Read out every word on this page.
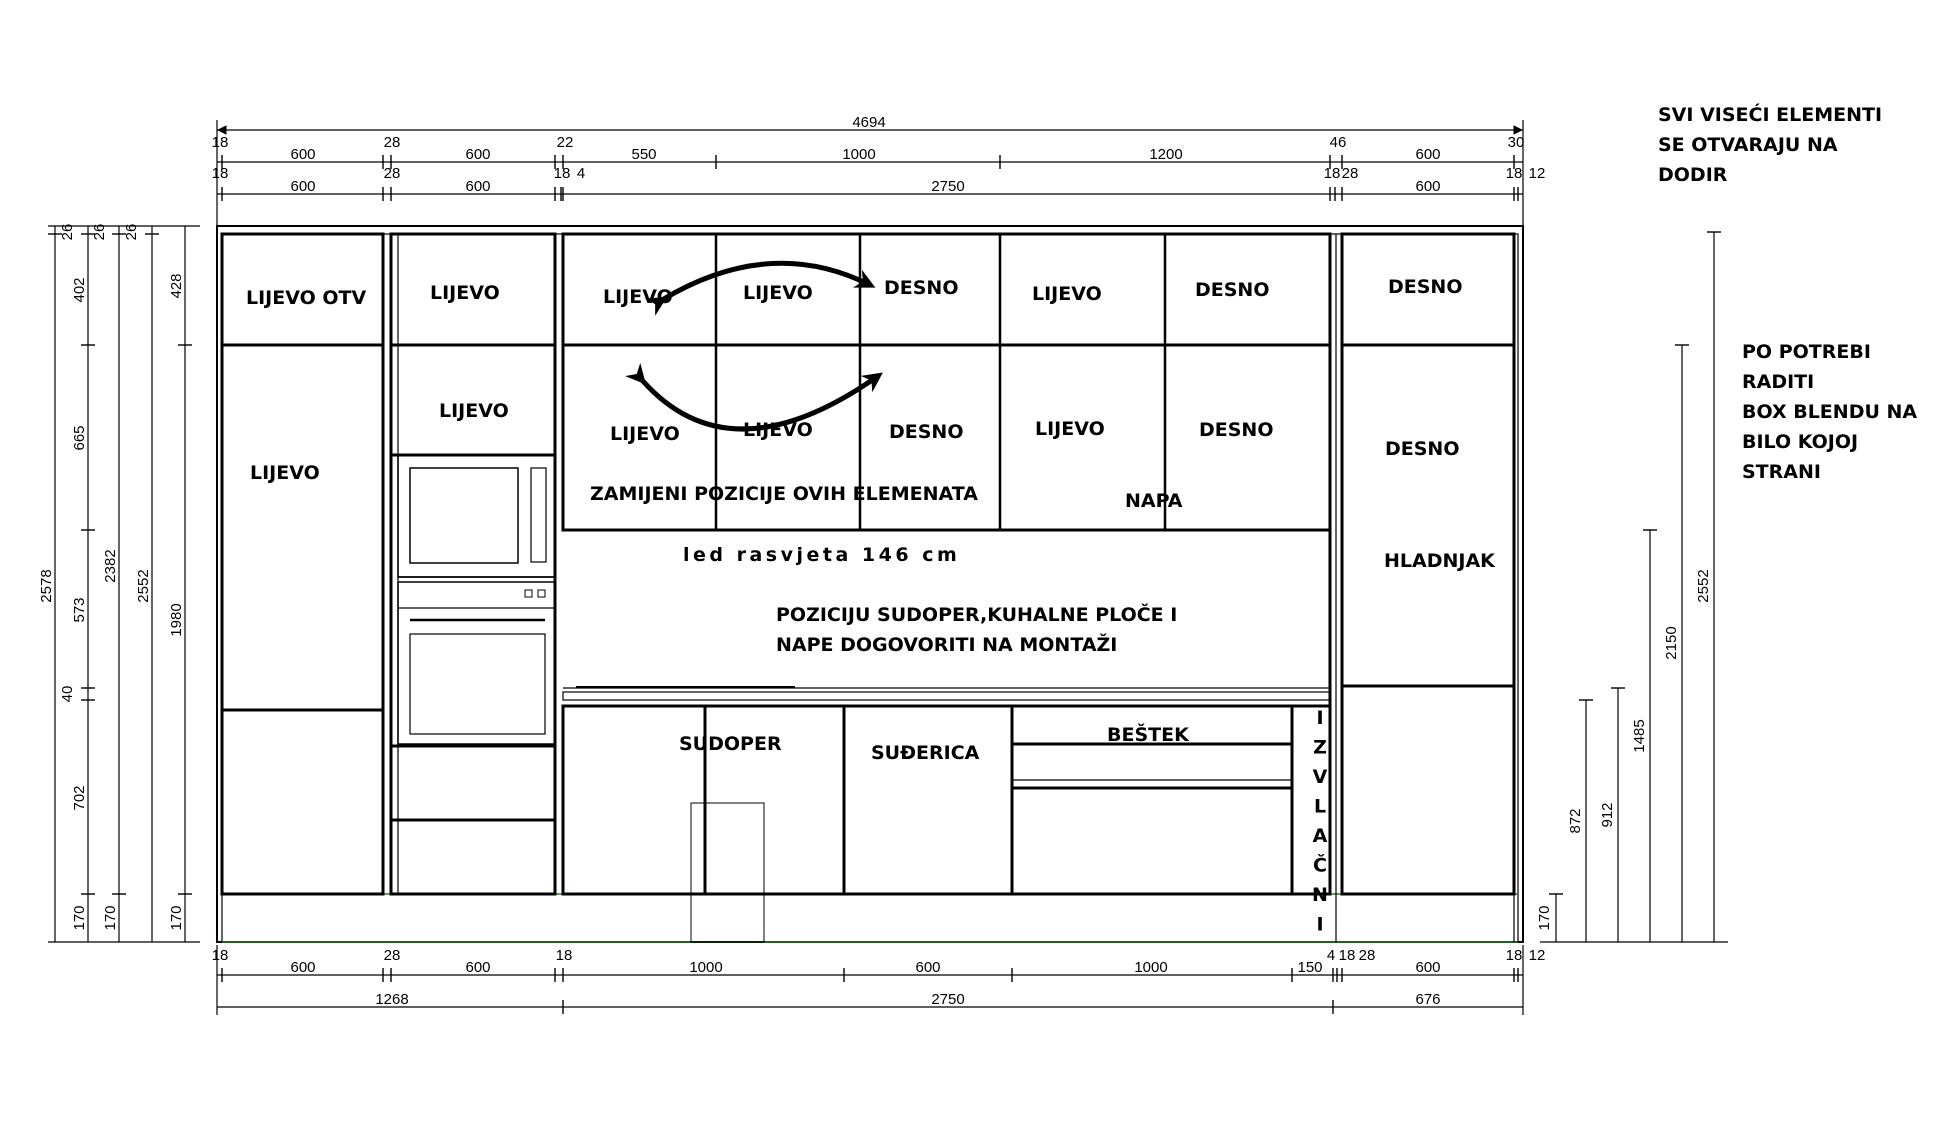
SVI VISEĆI ELEMENTI
SE OTVARAJU NA
DODIR
PO POTREBI RADITI
BOX BLENDU NA
BILO KOJOJ STRANI
4694
18
600
28
600
22
550	1000	1200
46
600
30
18
600
28
600
18 4
2750
18 28
600
18 12
18
600
28
600
18
1000	600	1000	150
4 18 28
600
18 12
1268	2750	676
26
402
665
573
40
702
170
2578
26
2382
170
26
2552
428
1980
170	170
872 912
1485
2150
2552
LIJEVO OTV
LIJEVO
LIJEVO
LIJEVO
LIJEVO	LIJEVO	DESNO	LIJEVO	DESNO
LIJEVO	LIJEVO	DESNO	LIJEVO	DESNO
ZAMIJENI POZICIJE OVIH ELEMENATA	NAPA
led rasvjeta 146 cm
POZICIJU SUDOPER,KUHALNE PLOČE I
NAPE DOGOVORITI NA MONTAŽI
SUDOPER	SUĐERICA
BEŠTEK
DESNO
DESNO
HLADNJAK
I Z V L A Č N I
